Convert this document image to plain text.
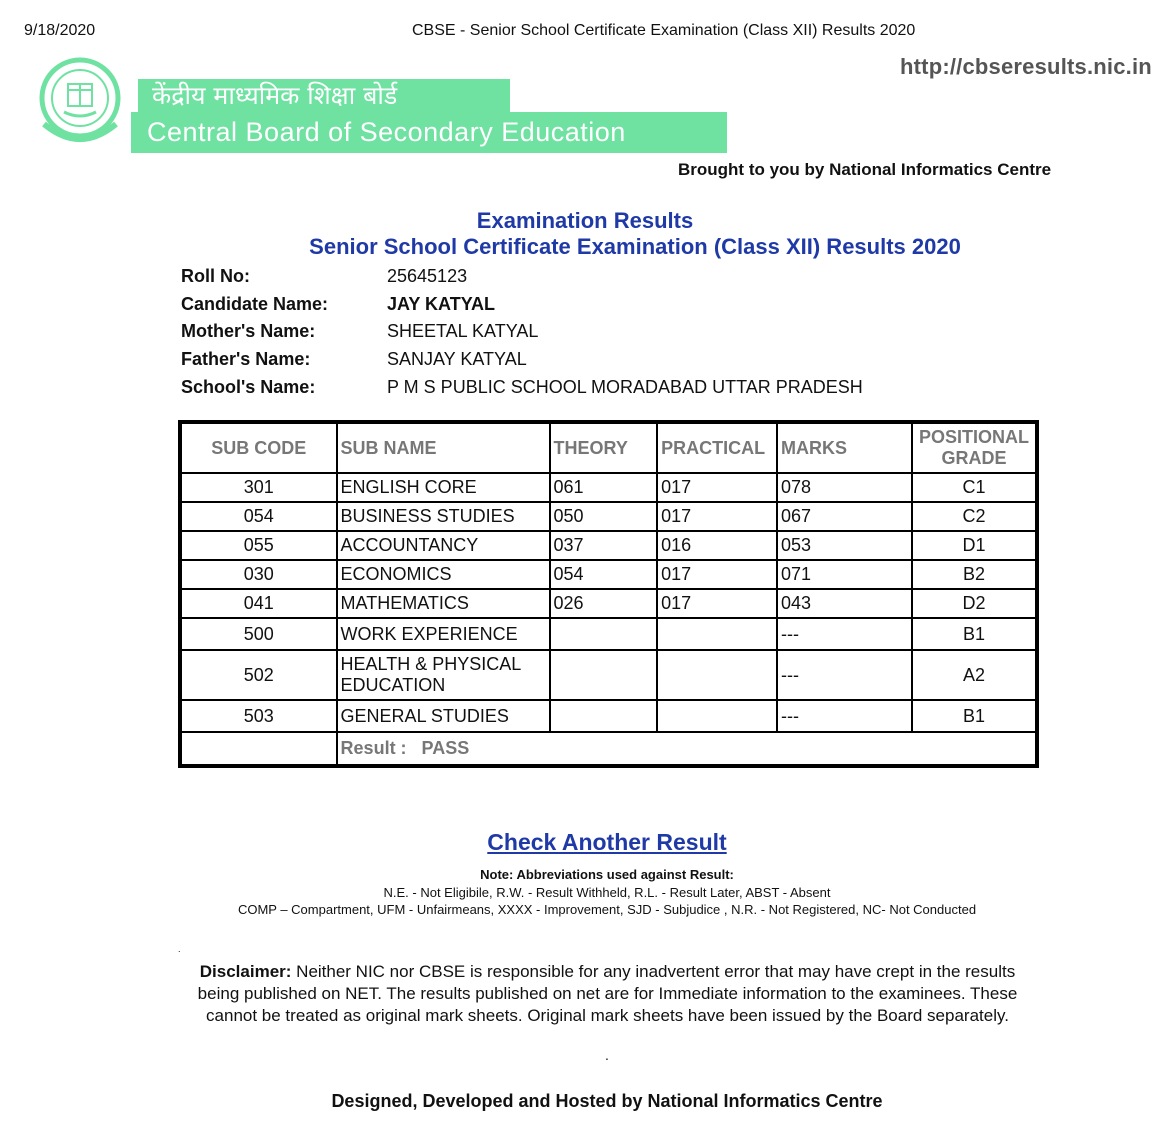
9/18/2020	CBSE - Senior School Certificate Examination (Class XII) Results 2020
http://cbseresults.nic.in
केंद्रीय माध्यमिक शिक्षा बोर्ड
Central Board of Secondary Education
Brought to you by National Informatics Centre
Examination Results
Senior School Certificate Examination (Class XII) Results 2020
Roll No:	25645123
Candidate Name:	JAY KATYAL
Mother's Name:	SHEETAL KATYAL
Father's Name:	SANJAY KATYAL
School's Name:	P M S PUBLIC SCHOOL MORADABAD UTTAR PRADESH
SUB CODE	SUB NAME	THEORY	PRACTICAL	MARKS	POSITIONAL GRADE
301	ENGLISH CORE	061	017	078	C1
054	BUSINESS STUDIES	050	017	067	C2
055	ACCOUNTANCY	037	016	053	D1
030	ECONOMICS	054	017	071	B2
041	MATHEMATICS	026	017	043	D2
500	WORK EXPERIENCE			---	B1
502	HEALTH & PHYSICAL EDUCATION			---	A2
503	GENERAL STUDIES			---	B1
	Result :   PASS				
Check Another Result
Note: Abbreviations used against Result:
N.E. - Not Eligibile, R.W. - Result Withheld, R.L. - Result Later, ABST - Absent
COMP – Compartment, UFM - Unfairmeans, XXXX - Improvement, SJD - Subjudice , N.R. - Not Registered, NC- Not Conducted
.
Disclaimer: Neither NIC nor CBSE is responsible for any inadvertent error that may have crept in the results being published on NET. The results published on net are for Immediate information to the examinees. These cannot be treated as original mark sheets. Original mark sheets have been issued by the Board separately.
.
Designed, Developed and Hosted by National Informatics Centre
